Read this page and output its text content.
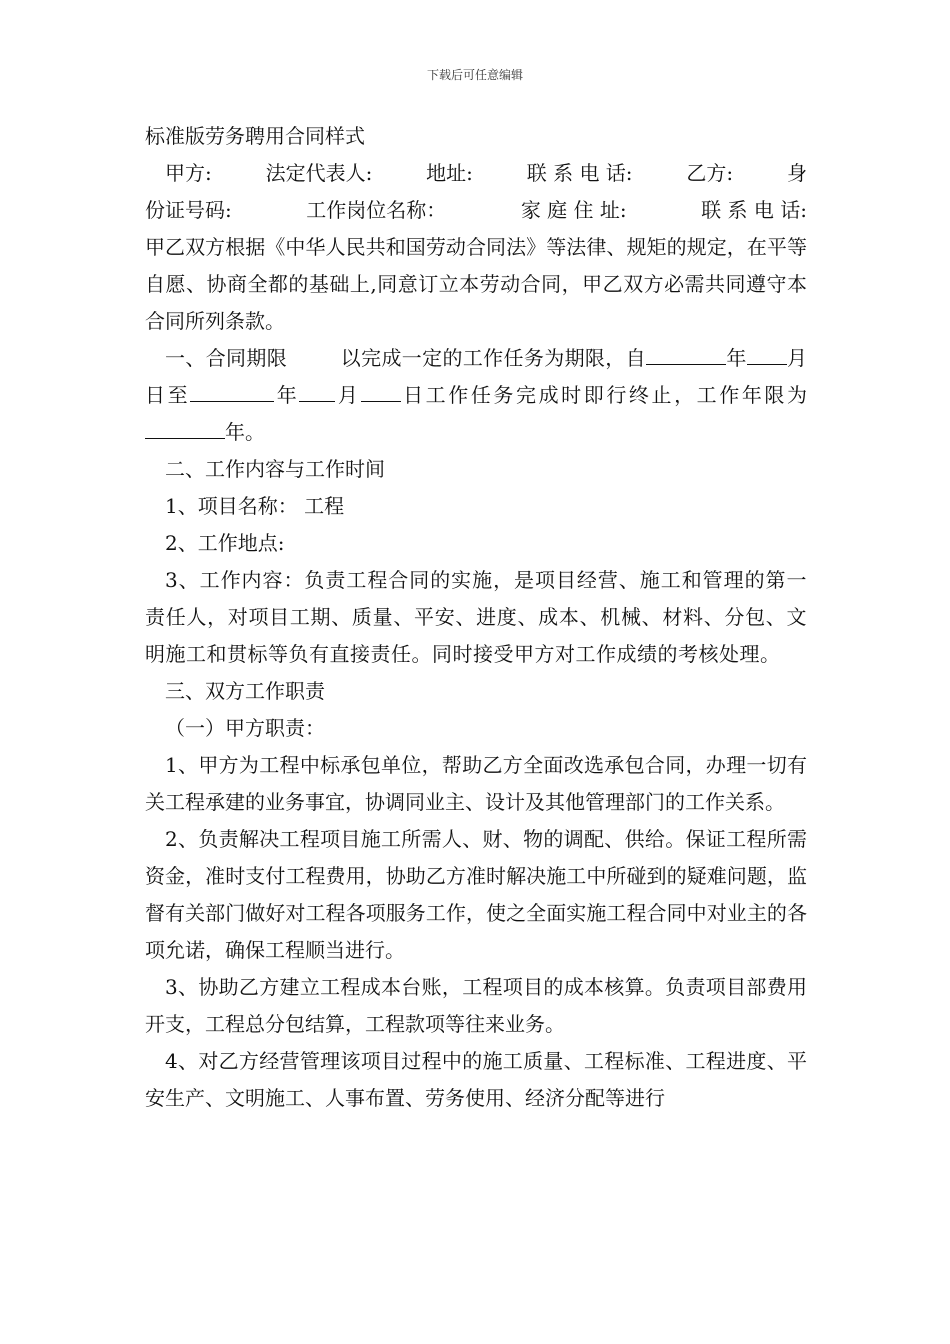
下载后可任意编辑

标准版劳务聘用合同样式

甲方:	法定代表人:	地址:	联 系 电 话:	乙方:	身
份证号码:	工作岗位名称：	家 庭 住 址:	联 系 电 话:

甲乙双方根据《中华人民共和国劳动合同法》等法律、规矩的规定，在平等自愿、协商全都的基础上,同意订立本劳动合同，甲乙双方必需共同遵守本合同所列条款。

一、合同期限	以完成一定的工作任务为期限，自	年 月日至	年 月 日工作任务完成时即行终止，工作年限为年。

二、工作内容与工作时间

1、项目名称： 工程

2、工作地点:

3、工作内容：负责工程合同的实施，是项目经营、施工和管理的第一责任人，对项目工期、质量、平安、进度、成本、机械、材料、分包、文明施工和贯标等负有直接责任。同时接受甲方对工作成绩的考核处理。

三、双方工作职责

（一）甲方职责：

1、甲方为工程中标承包单位，帮助乙方全面改选承包合同，办理一切有关工程承建的业务事宜，协调同业主、设计及其他管理部门的工作关系。

2、负责解决工程项目施工所需人、财、物的调配、供给。保证工程所需资金，准时支付工程费用，协助乙方准时解决施工中所碰到的疑难问题，监督有关部门做好对工程各项服务工作，使之全面实施工程合同中对业主的各项允诺，确保工程顺当进行。

3、协助乙方建立工程成本台账，工程项目的成本核算。负责项目部费用开支，工程总分包结算，工程款项等往来业务。

4、对乙方经营管理该项目过程中的施工质量、工程标准、工程进度、平安生产、文明施工、人事布置、劳务使用、经济分配等进行
